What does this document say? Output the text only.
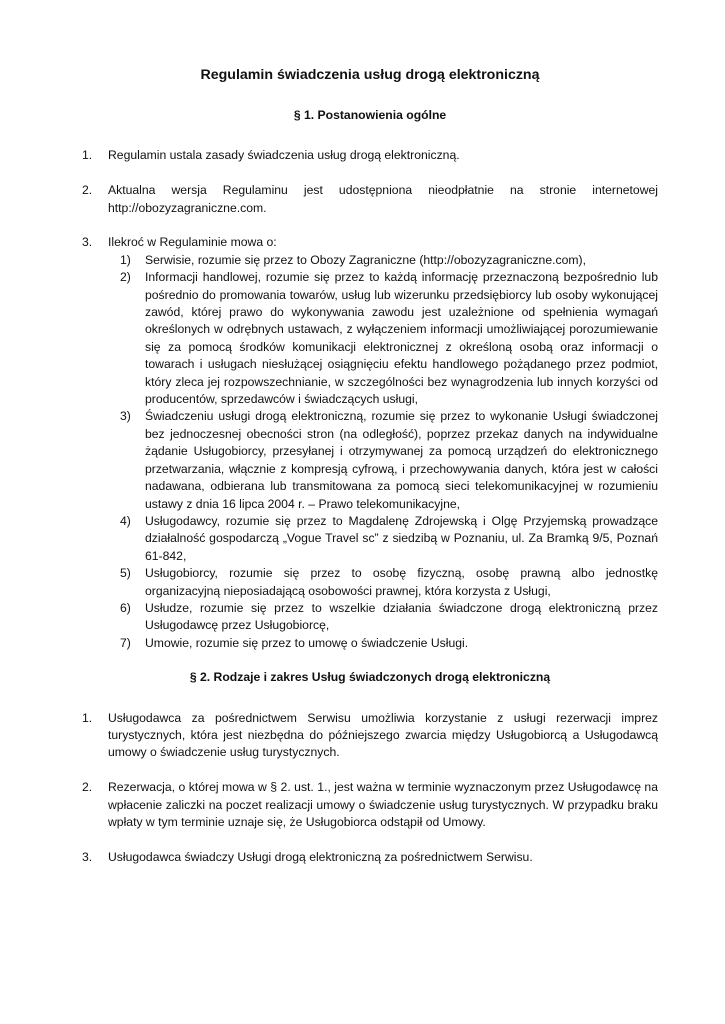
Regulamin świadczenia usług drogą elektroniczną
§ 1. Postanowienia ogólne
1. Regulamin ustala zasady świadczenia usług drogą elektroniczną.
2. Aktualna wersja Regulaminu jest udostępniona nieodpłatnie na stronie internetowej http://obozyzagraniczne.com.
3. Ilekroć w Regulaminie mowa o:
1) Serwisie, rozumie się przez to Obozy Zagraniczne (http://obozyzagraniczne.com),
2) Informacji handlowej, rozumie się przez to każdą informację przeznaczoną bezpośrednio lub pośrednio do promowania towarów, usług lub wizerunku przedsiębiorcy lub osoby wykonującej zawód, której prawo do wykonywania zawodu jest uzależnione od spełnienia wymagań określonych w odrębnych ustawach, z wyłączeniem informacji umożliwiającej porozumiewanie się za pomocą środków komunikacji elektronicznej z określoną osobą oraz informacji o towarach i usługach niesłużącej osiągnięciu efektu handlowego pożądanego przez podmiot, który zleca jej rozpowszechnianie, w szczególności bez wynagrodzenia lub innych korzyści od producentów, sprzedawców i świadczących usługi,
3) Świadczeniu usługi drogą elektroniczną, rozumie się przez to wykonanie Usługi świadczonej bez jednoczesnej obecności stron (na odległość), poprzez przekaz danych na indywidualne żądanie Usługobiorcy, przesyłanej i otrzymywanej za pomocą urządzeń do elektronicznego przetwarzania, włącznie z kompresją cyfrową, i przechowywania danych, która jest w całości nadawana, odbierana lub transmitowana za pomocą sieci telekomunikacyjnej w rozumieniu ustawy z dnia 16 lipca 2004 r. – Prawo telekomunikacyjne,
4) Usługodawcy, rozumie się przez to Magdalenę Zdrojewską i Olgę Przyjemską prowadzące działalność gospodarczą „Vogue Travel sc” z siedzibą w Poznaniu, ul. Za Bramką 9/5, Poznań 61-842,
5) Usługobiorcy, rozumie się przez to osobę fizyczną, osobę prawną albo jednostkę organizacyjną nieposiadającą osobowości prawnej, która korzysta z Usługi,
6) Usłudze, rozumie się przez to wszelkie działania świadczone drogą elektroniczną przez Usługodawcę przez Usługobiorcę,
7) Umowie, rozumie się przez to umowę o świadczenie Usługi.
§ 2. Rodzaje i zakres Usług świadczonych drogą elektroniczną
1. Usługodawca za pośrednictwem Serwisu umożliwia korzystanie z usługi rezerwacji imprez turystycznych, która jest niezbędna do późniejszego zwarcia między Usługobiorcą a Usługodawcą umowy o świadczenie usług turystycznych.
2. Rezerwacja, o której mowa w § 2. ust. 1., jest ważna w terminie wyznaczonym przez Usługodawcę na wpłacenie zaliczki na poczet realizacji umowy o świadczenie usług turystycznych. W przypadku braku wpłaty w tym terminie uznaje się, że Usługobiorca odstąpił od Umowy.
3. Usługodawca świadczy Usługi drogą elektroniczną za pośrednictwem Serwisu.
